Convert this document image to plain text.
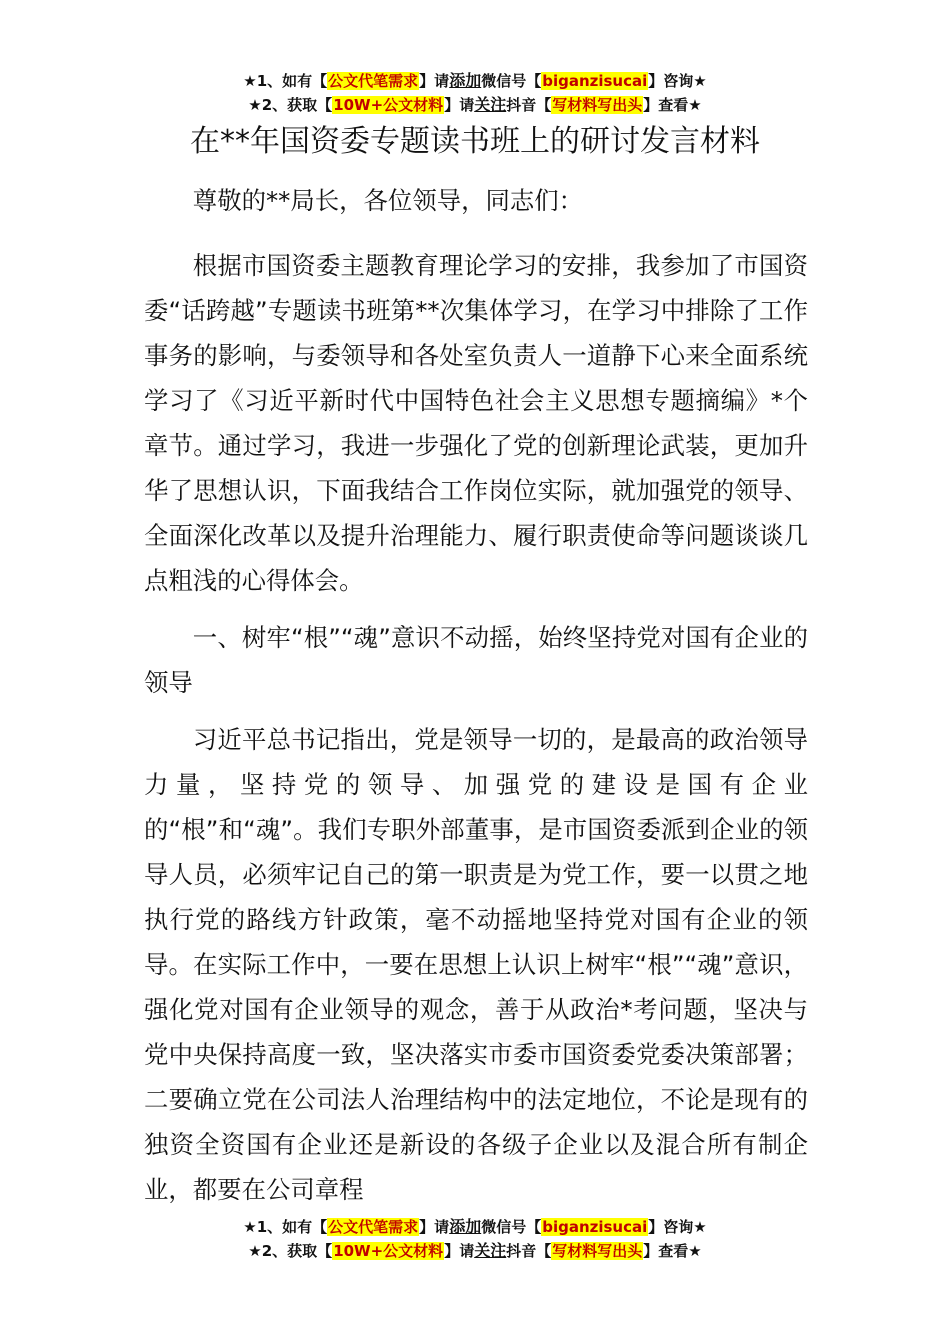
★1、如有【公文代笔需求】请添加微信号【biganzisucai】咨询★
★2、获取【10W+公文材料】请关注抖音【写材料写出头】查看★
在**年国资委专题读书班上的研讨发言材料

尊敬的**局长，各位领导，同志们：

根据市国资委主题教育理论学习的安排，我参加了市国资委“话跨越”专题读书班第**次集体学习，在学习中排除了工作事务的影响，与委领导和各处室负责人一道静下心来全面系统学习了《习近平新时代中国特色社会主义思想专题摘编》*个章节。通过学习，我进一步强化了党的创新理论武装，更加升华了思想认识，下面我结合工作岗位实际，就加强党的领导、全面深化改革以及提升治理能力、履行职责使命等问题谈谈几点粗浅的心得体会。

一、树牢“根”“魂”意识不动摇，始终坚持党对国有企业的领导

习近平总书记指出，党是领导一切的，是最高的政治领导力量，坚持党的领导、加强党的建设是国有企业的“根”和“魂”。我们专职外部董事，是市国资委派到企业的领导人员，必须牢记自己的第一职责是为党工作，要一以贯之地执行党的路线方针政策，毫不动摇地坚持党对国有企业的领导。在实际工作中，一要在思想上认识上树牢“根”“魂”意识，强化党对国有企业领导的观念，善于从政治*考问题，坚决与党中央保持高度一致，坚决落实市委市国资委党委决策部署；二要确立党在公司法人治理结构中的法定地位，不论是现有的独资全资国有企业还是新设的各级子企业以及混合所有制企业，都要在公司章程

★1、如有【公文代笔需求】请添加微信号【biganzisucai】咨询★
★2、获取【10W+公文材料】请关注抖音【写材料写出头】查看★
